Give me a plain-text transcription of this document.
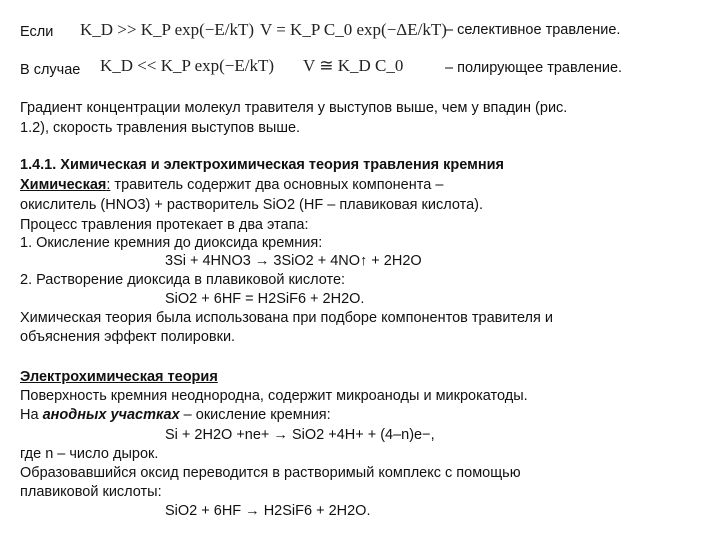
Если K_D >> K_P exp(−E/kT) V = K_P C_0 exp(−ΔE/kT)
– селективное травление.
В случае K_D << K_P exp(−E/kT) V ≅ K_D C_0	– полирующее травление.
Градиент концентрации молекул травителя у выступов выше, чем у впадин (рис.
1.2), скорость травления выступов выше.
1.4.1. Химическая и электрохимическая теория травления кремния
Химическая: травитель содержит два основных компонента –
окислитель (HNO3) + растворитель SiO2 (HF – плавиковая кислота).
Процесс травления протекает в два этапа:
1. Окисление кремния до диоксида кремния:
3Si + 4HNO3 → 3SiO2 + 4NO↑ + 2H2O
2. Растворение диоксида в плавиковой кислоте:
SiO2 + 6HF = H2SiF6 + 2H2O.
Химическая теория была использована при подборе компонентов травителя и
объяснения эффект полировки.
Электрохимическая теория
Поверхность кремния неоднородна, содержит микроаноды и микрокатоды.
На анодных участках – окисление кремния:
Si + 2H2O +ne+ → SiO2 +4H+ + (4–n)e−,
где n – число дырок.
Образовавшийся оксид переводится в растворимый комплекс с помощью
плавиковой кислоты:
SiO2 + 6HF → H2SiF6 + 2H2O.
